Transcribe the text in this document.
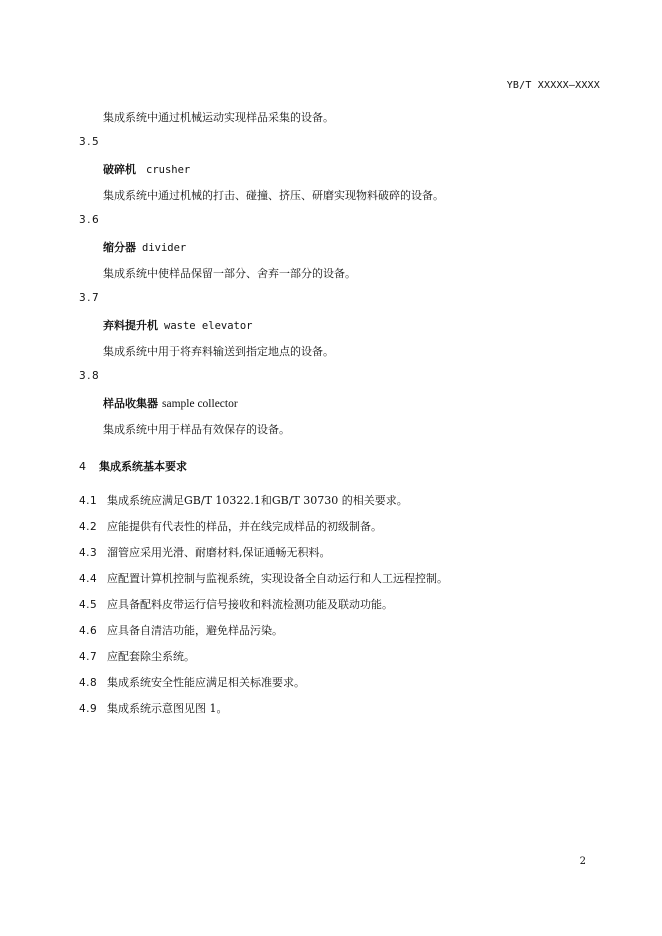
YB/T XXXXX—XXXX
集成系统中通过机械运动实现样品采集的设备。
3.5
破碎机 crusher
集成系统中通过机械的打击、碰撞、挤压、研磨实现物料破碎的设备。
3.6
缩分器 divider
集成系统中使样品保留一部分、舍弃一部分的设备。
3.7
弃料提升机 waste elevator
集成系统中用于将弃料输送到指定地点的设备。
3.8
样品收集器 sample collector
集成系统中用于样品有效保存的设备。
4 集成系统基本要求
4.1 集成系统应满足GB/T 10322.1和GB/T 30730 的相关要求。
4.2 应能提供有代表性的样品，并在线完成样品的初级制备。
4.3 溜管应采用光滑、耐磨材料,保证通畅无积料。
4.4 应配置计算机控制与监视系统，实现设备全自动运行和人工远程控制。
4.5 应具备配料皮带运行信号接收和料流检测功能及联动功能。
4.6 应具备自清洁功能，避免样品污染。
4.7 应配套除尘系统。
4.8 集成系统安全性能应满足相关标准要求。
4.9 集成系统示意图见图 1。
2
